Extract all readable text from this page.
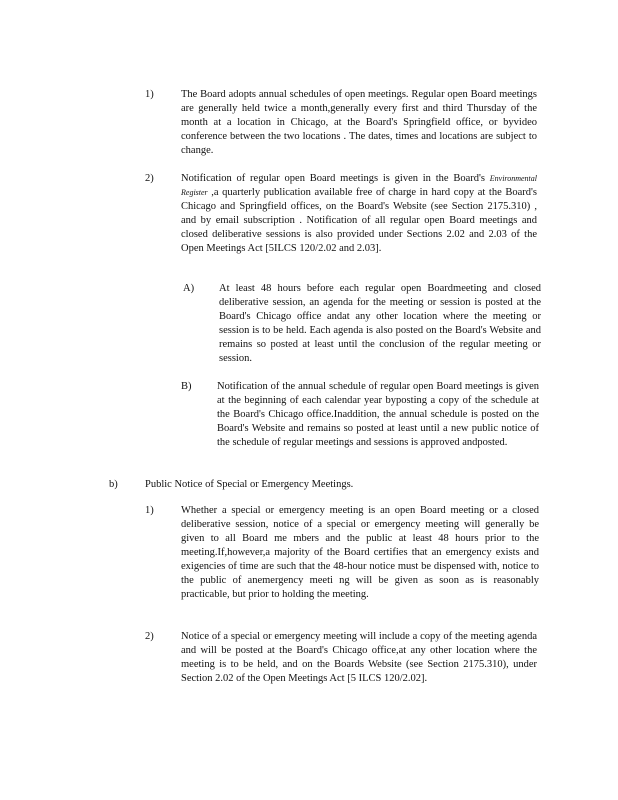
1)	The Board adopts annual schedules of open meetings. Regular open Board meetings are generally held twice a month,generally every first and third Thursday of the month at a location in Chicago, at the Board's Springfield office, or byvideo conference between the two locations . The dates, times and locations are subject to change.

2)	Notification of regular open Board meetings is given in the Board's Environmental Register ,a quarterly publication available free of charge in hard copy at the Board's Chicago and Springfield offices, on the Board's Website (see Section 2175.310) , and by email subscription . Notification of all regular open Board meetings and closed deliberative sessions is also provided under Sections 2.02 and 2.03 of the Open Meetings Act [5ILCS 120/2.02 and 2.03].

A) At least 48 hours before each regular open Boardmeeting and closed deliberative session, an agenda for the meeting or session is posted at the Board's Chicago office andat any other location where the meeting or session is to be held. Each agenda is also posted on the Board's Website and remains so posted at least until the conclusion of the regular meeting or session.

B) Notification of the annual schedule of regular open Board meetings is given at the beginning of each calendar year byposting a copy of the schedule at the Board's Chicago office.Inaddition, the annual schedule is posted on the Board's Website and remains so posted at least until a new public notice of the schedule of regular meetings and sessions is approved andposted.

b)	Public Notice of Special or Emergency Meetings.

1)	Whether a special or emergency meeting is an open Board meeting or a closed deliberative session, notice of a special or emergency meeting will generally be given to all Board me mbers and the public at least 48 hours prior to the meeting.If,however,a majority of the Board certifies that an emergency exists and exigencies of time are such that the 48-hour notice must be dispensed with, notice to the public of anemergency meeti ng will be given as soon as is reasonably practicable, but prior to holding the meeting.

2)	Notice of a special or emergency meeting will include a copy of the meeting agenda and will be posted at the Board's Chicago office,at any other location where the meeting is to be held, and on the Boards Website (see Section 2175.310), under Section 2.02 of the Open Meetings Act [5 ILCS 120/2.02].
